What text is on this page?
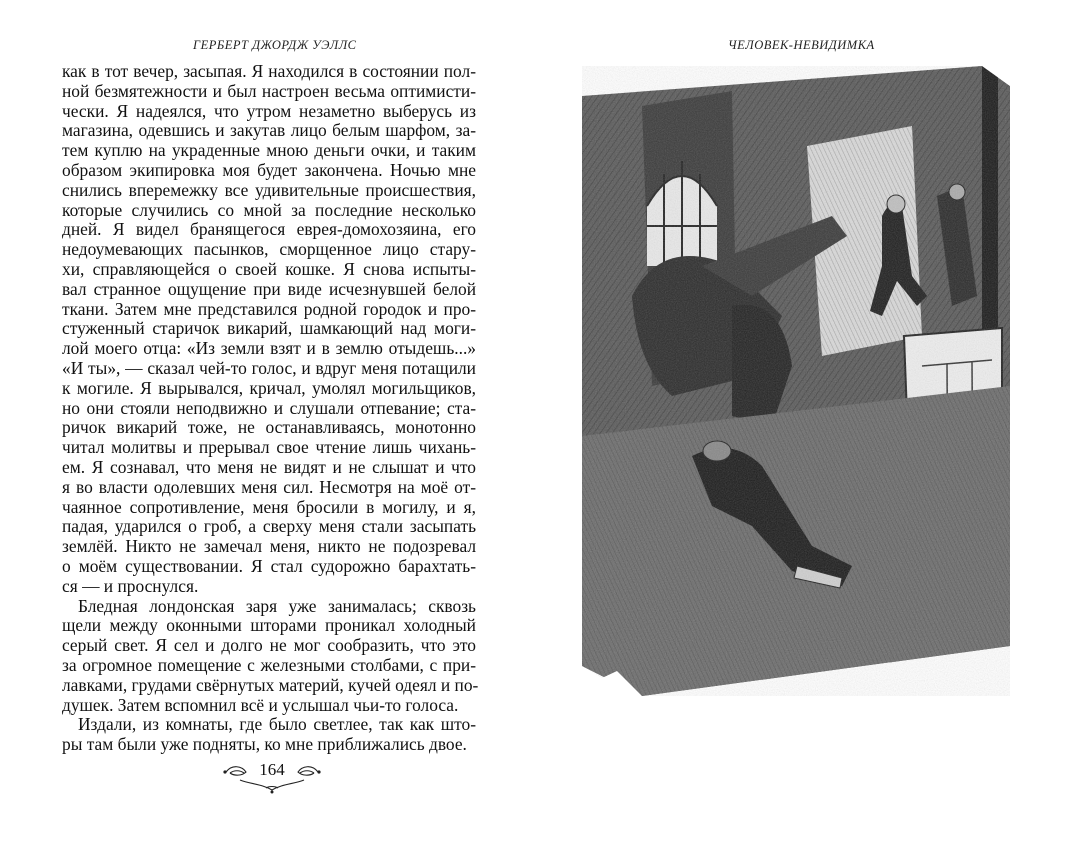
ГЕРБЕРТ ДЖОРДЖ УЭЛЛС	ЧЕЛОВЕК-НЕВИДИМКА
как в тот вечер, засыпая. Я находился в состоянии пол-
ной безмятежности и был настроен весьма оптимисти-
чески. Я надеялся, что утром незаметно выберусь из
магазина, одевшись и закутав лицо белым шарфом, за-
тем куплю на украденные мною деньги очки, и таким
образом экипировка моя будет закончена. Ночью мне
снились вперемежку все удивительные происшествия,
которые случились со мной за последние несколько
дней. Я видел бранящегося еврея-домохозяина, его
недоумевающих пасынков, сморщенное лицо стару-
хи, справляющейся о своей кошке. Я снова испыты-
вал странное ощущение при виде исчезнувшей белой
ткани. Затем мне представился родной городок и про-
стуженный старичок викарий, шамкающий над моги-
лой моего отца: «Из земли взят и в землю отыдешь...»
«И ты», — сказал чей-то голос, и вдруг меня потащили
к могиле. Я вырывался, кричал, умолял могильщиков,
но они стояли неподвижно и слушали отпевание; ста-
ричок викарий тоже, не останавливаясь, монотонно
читал молитвы и прерывал свое чтение лишь чихань-
ем. Я сознавал, что меня не видят и не слышат и что
я во власти одолевших меня сил. Несмотря на моё от-
чаянное сопротивление, меня бросили в могилу, и я,
падая, ударился о гроб, а сверху меня стали засыпать
землёй. Никто не замечал меня, никто не подозревал
о моём существовании. Я стал судорожно барахтать-
ся — и проснулся.
Бледная лондонская заря уже занималась; сквозь
щели между оконными шторами проникал холодный
серый свет. Я сел и долго не мог сообразить, что это
за огромное помещение с железными столбами, с при-
лавками, грудами свёрнутых материй, кучей одеял и по-
душек. Затем вспомнил всё и услышал чьи-то голоса.
Издали, из комнаты, где было светлее, так как што-
ры там были уже подняты, ко мне приближались двое.
164
